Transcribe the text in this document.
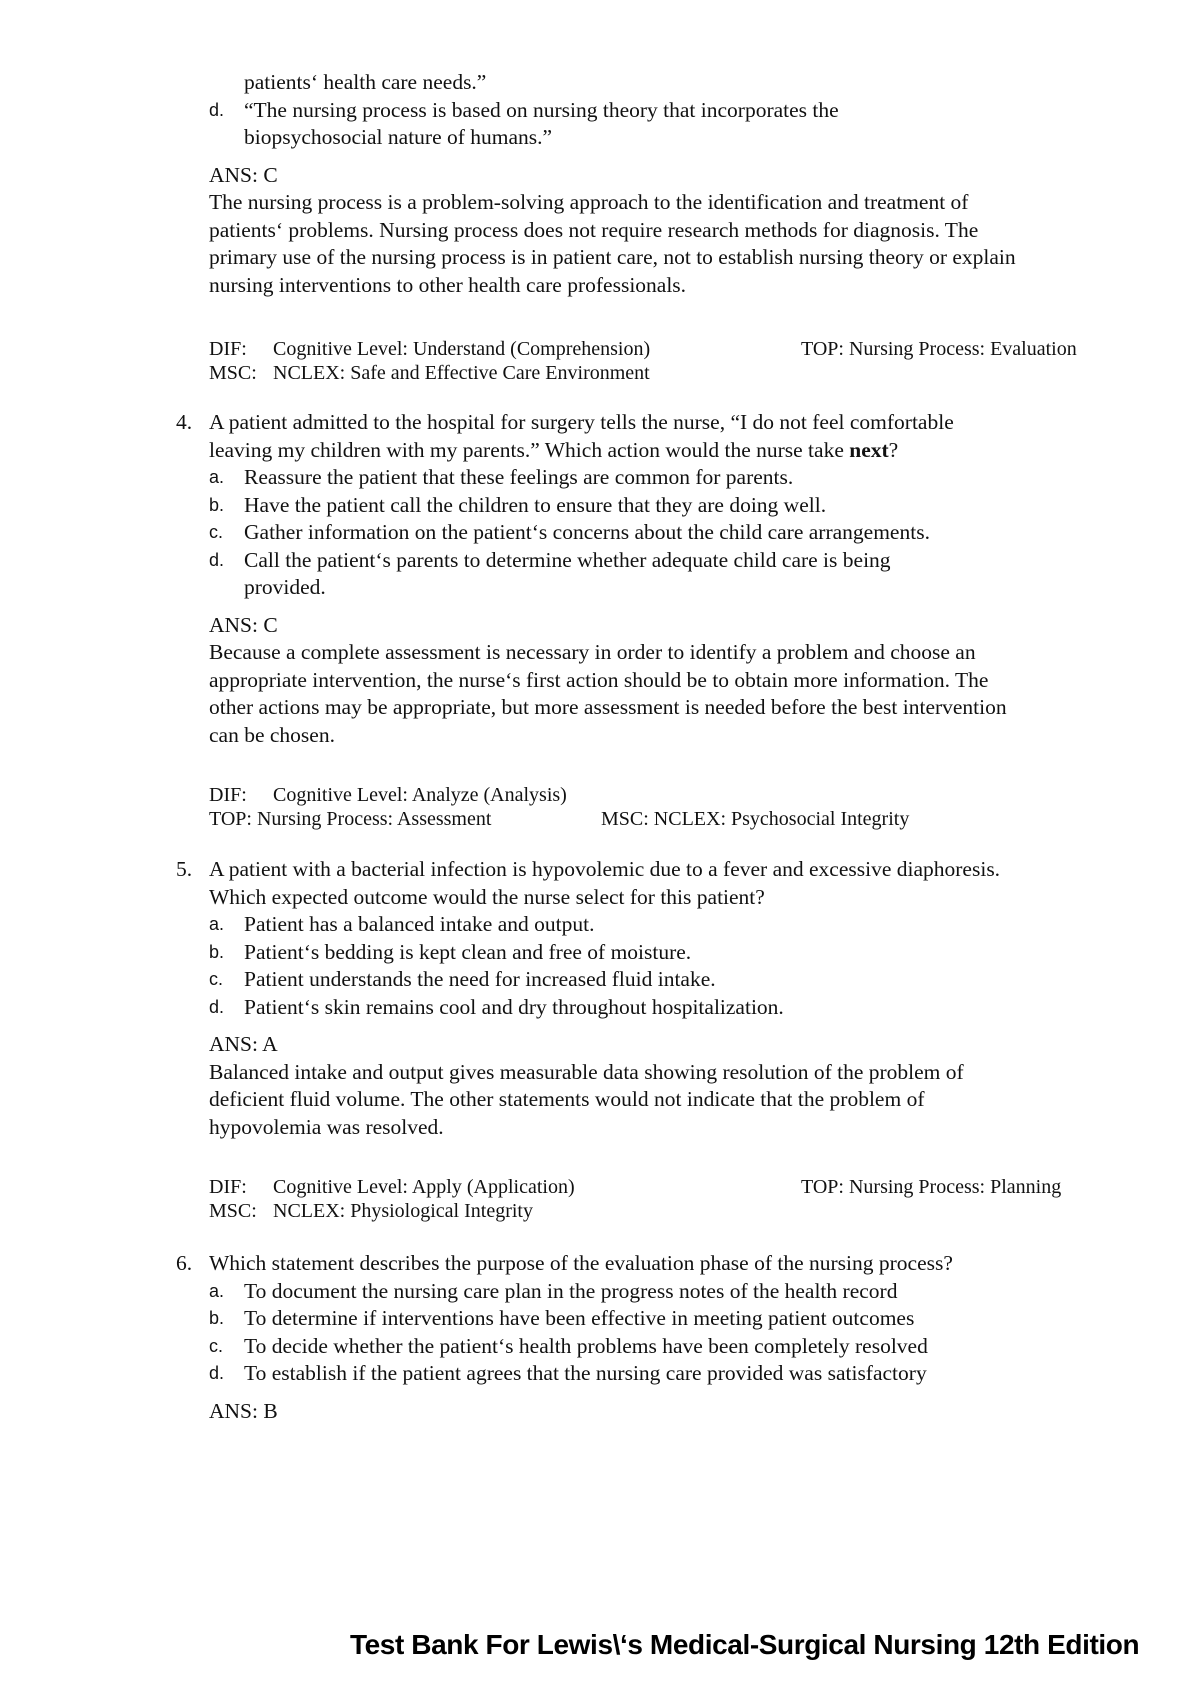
patients‘ health care needs.”
d. “The nursing process is based on nursing theory that incorporates the
biopsychosocial nature of humans.”
ANS: C
The nursing process is a problem-solving approach to the identification and treatment of
patients‘ problems. Nursing process does not require research methods for diagnosis. The
primary use of the nursing process is in patient care, not to establish nursing theory or explain
nursing interventions to other health care professionals.
DIF: Cognitive Level: Understand (Comprehension)	TOP: Nursing Process: Evaluation
MSC: NCLEX: Safe and Effective Care Environment
4. A patient admitted to the hospital for surgery tells the nurse, “I do not feel comfortable
leaving my children with my parents.” Which action would the nurse take next?
a. Reassure the patient that these feelings are common for parents.
b. Have the patient call the children to ensure that they are doing well.
c. Gather information on the patient‘s concerns about the child care arrangements.
d. Call the patient‘s parents to determine whether adequate child care is being
provided.
ANS: C
Because a complete assessment is necessary in order to identify a problem and choose an
appropriate intervention, the nurse‘s first action should be to obtain more information. The
other actions may be appropriate, but more assessment is needed before the best intervention
can be chosen.
DIF: Cognitive Level: Analyze (Analysis)
TOP: Nursing Process: Assessment	MSC: NCLEX: Psychosocial Integrity
5. A patient with a bacterial infection is hypovolemic due to a fever and excessive diaphoresis.
Which expected outcome would the nurse select for this patient?
a. Patient has a balanced intake and output.
b. Patient‘s bedding is kept clean and free of moisture.
c. Patient understands the need for increased fluid intake.
d. Patient‘s skin remains cool and dry throughout hospitalization.
ANS: A
Balanced intake and output gives measurable data showing resolution of the problem of
deficient fluid volume. The other statements would not indicate that the problem of
hypovolemia was resolved.
DIF: Cognitive Level: Apply (Application)	TOP: Nursing Process: Planning
MSC: NCLEX: Physiological Integrity
6. Which statement describes the purpose of the evaluation phase of the nursing process?
a. To document the nursing care plan in the progress notes of the health record
b. To determine if interventions have been effective in meeting patient outcomes
c. To decide whether the patient‘s health problems have been completely resolved
d. To establish if the patient agrees that the nursing care provided was satisfactory
ANS: B
Test Bank For Lewis\‘s Medical-Surgical Nursing 12th Edition
